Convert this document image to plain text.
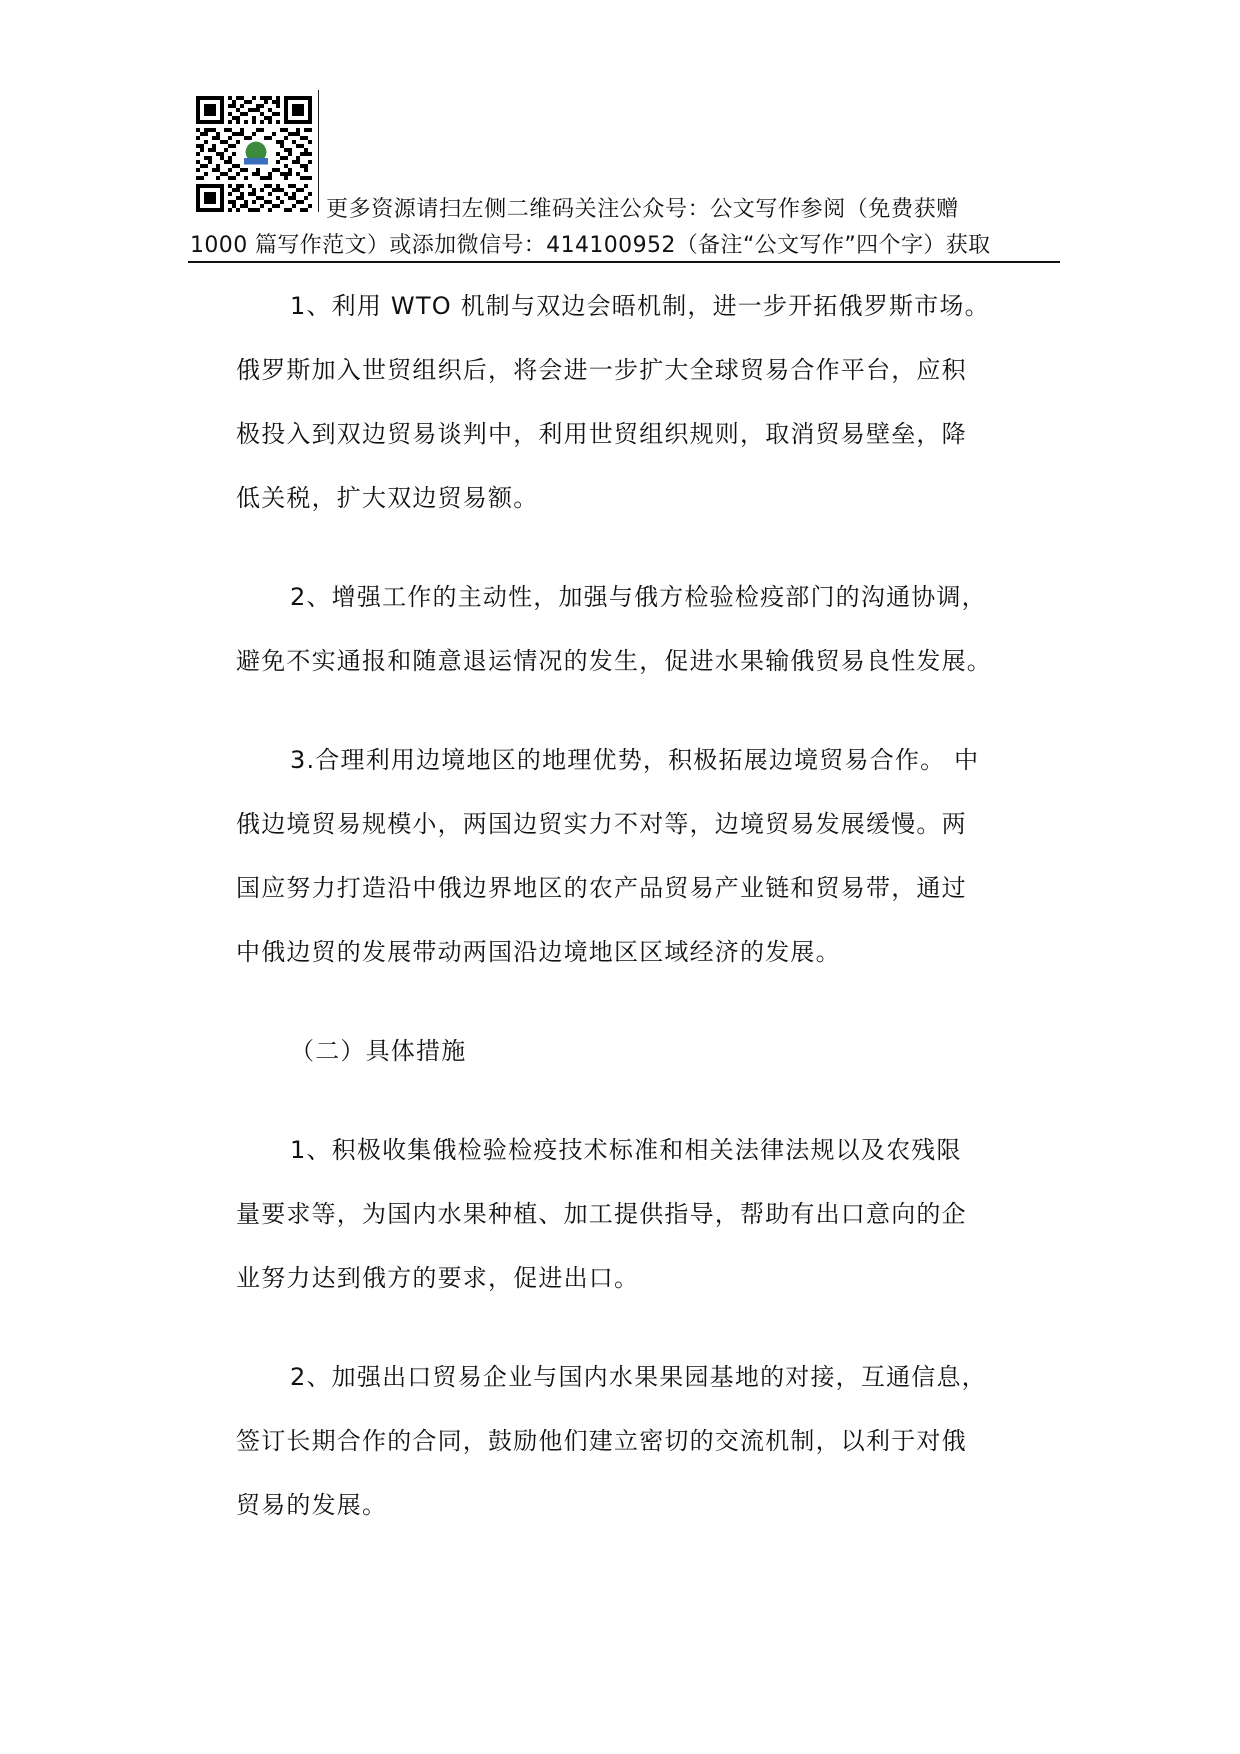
更多资源请扫左侧二维码关注公众号：公文写作参阅（免费获赠
1000 篇写作范文）或添加微信号：414100952（备注“公文写作”四个字）获取
1、利用 WTO 机制与双边会晤机制，进一步开拓俄罗斯市场。
俄罗斯加入世贸组织后，将会进一步扩大全球贸易合作平台，应积
极投入到双边贸易谈判中，利用世贸组织规则，取消贸易壁垒，降
低关税，扩大双边贸易额。
2、增强工作的主动性，加强与俄方检验检疫部门的沟通协调，
避免不实通报和随意退运情况的发生，促进水果输俄贸易良性发展。
3.合理利用边境地区的地理优势，积极拓展边境贸易合作。 中
俄边境贸易规模小，两国边贸实力不对等，边境贸易发展缓慢。两
国应努力打造沿中俄边界地区的农产品贸易产业链和贸易带，通过
中俄边贸的发展带动两国沿边境地区区域经济的发展。
（二）具体措施
1、积极收集俄检验检疫技术标准和相关法律法规以及农残限
量要求等，为国内水果种植、加工提供指导，帮助有出口意向的企
业努力达到俄方的要求，促进出口。
2、加强出口贸易企业与国内水果果园基地的对接，互通信息，
签订长期合作的合同，鼓励他们建立密切的交流机制，以利于对俄
贸易的发展。
